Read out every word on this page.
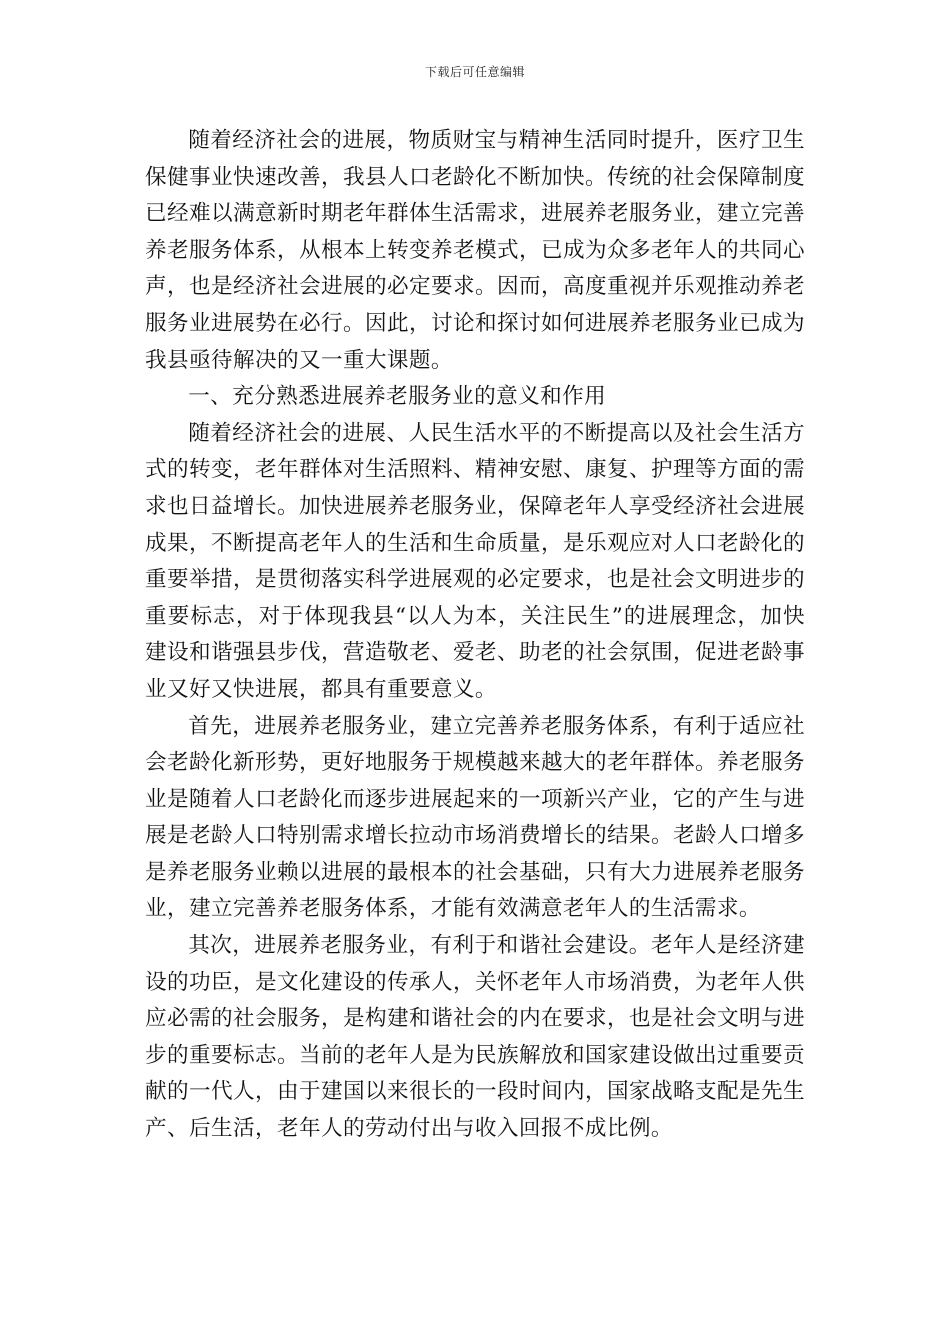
下载后可任意编辑

随着经济社会的进展，物质财宝与精神生活同时提升，医疗卫生保健事业快速改善，我县人口老龄化不断加快。传统的社会保障制度已经难以满意新时期老年群体生活需求，进展养老服务业，建立完善养老服务体系，从根本上转变养老模式，已成为众多老年人的共同心声，也是经济社会进展的必定要求。因而，高度重视并乐观推动养老服务业进展势在必行。因此，讨论和探讨如何进展养老服务业已成为我县亟待解决的又一重大课题。

一、充分熟悉进展养老服务业的意义和作用

随着经济社会的进展、人民生活水平的不断提高以及社会生活方式的转变，老年群体对生活照料、精神安慰、康复、护理等方面的需求也日益增长。加快进展养老服务业，保障老年人享受经济社会进展成果，不断提高老年人的生活和生命质量，是乐观应对人口老龄化的重要举措，是贯彻落实科学进展观的必定要求，也是社会文明进步的重要标志，对于体现我县“以人为本，关注民生”的进展理念，加快建设和谐强县步伐，营造敬老、爱老、助老的社会氛围，促进老龄事业又好又快进展，都具有重要意义。

首先，进展养老服务业，建立完善养老服务体系，有利于适应社会老龄化新形势，更好地服务于规模越来越大的老年群体。养老服务业是随着人口老龄化而逐步进展起来的一项新兴产业，它的产生与进展是老龄人口特别需求增长拉动市场消费增长的结果。老龄人口增多是养老服务业赖以进展的最根本的社会基础，只有大力进展养老服务业，建立完善养老服务体系，才能有效满意老年人的生活需求。

其次，进展养老服务业，有利于和谐社会建设。老年人是经济建设的功臣，是文化建设的传承人，关怀老年人市场消费，为老年人供应必需的社会服务，是构建和谐社会的内在要求，也是社会文明与进步的重要标志。当前的老年人是为民族解放和国家建设做出过重要贡献的一代人，由于建国以来很长的一段时间内，国家战略支配是先生产、后生活，老年人的劳动付出与收入回报不成比例。
